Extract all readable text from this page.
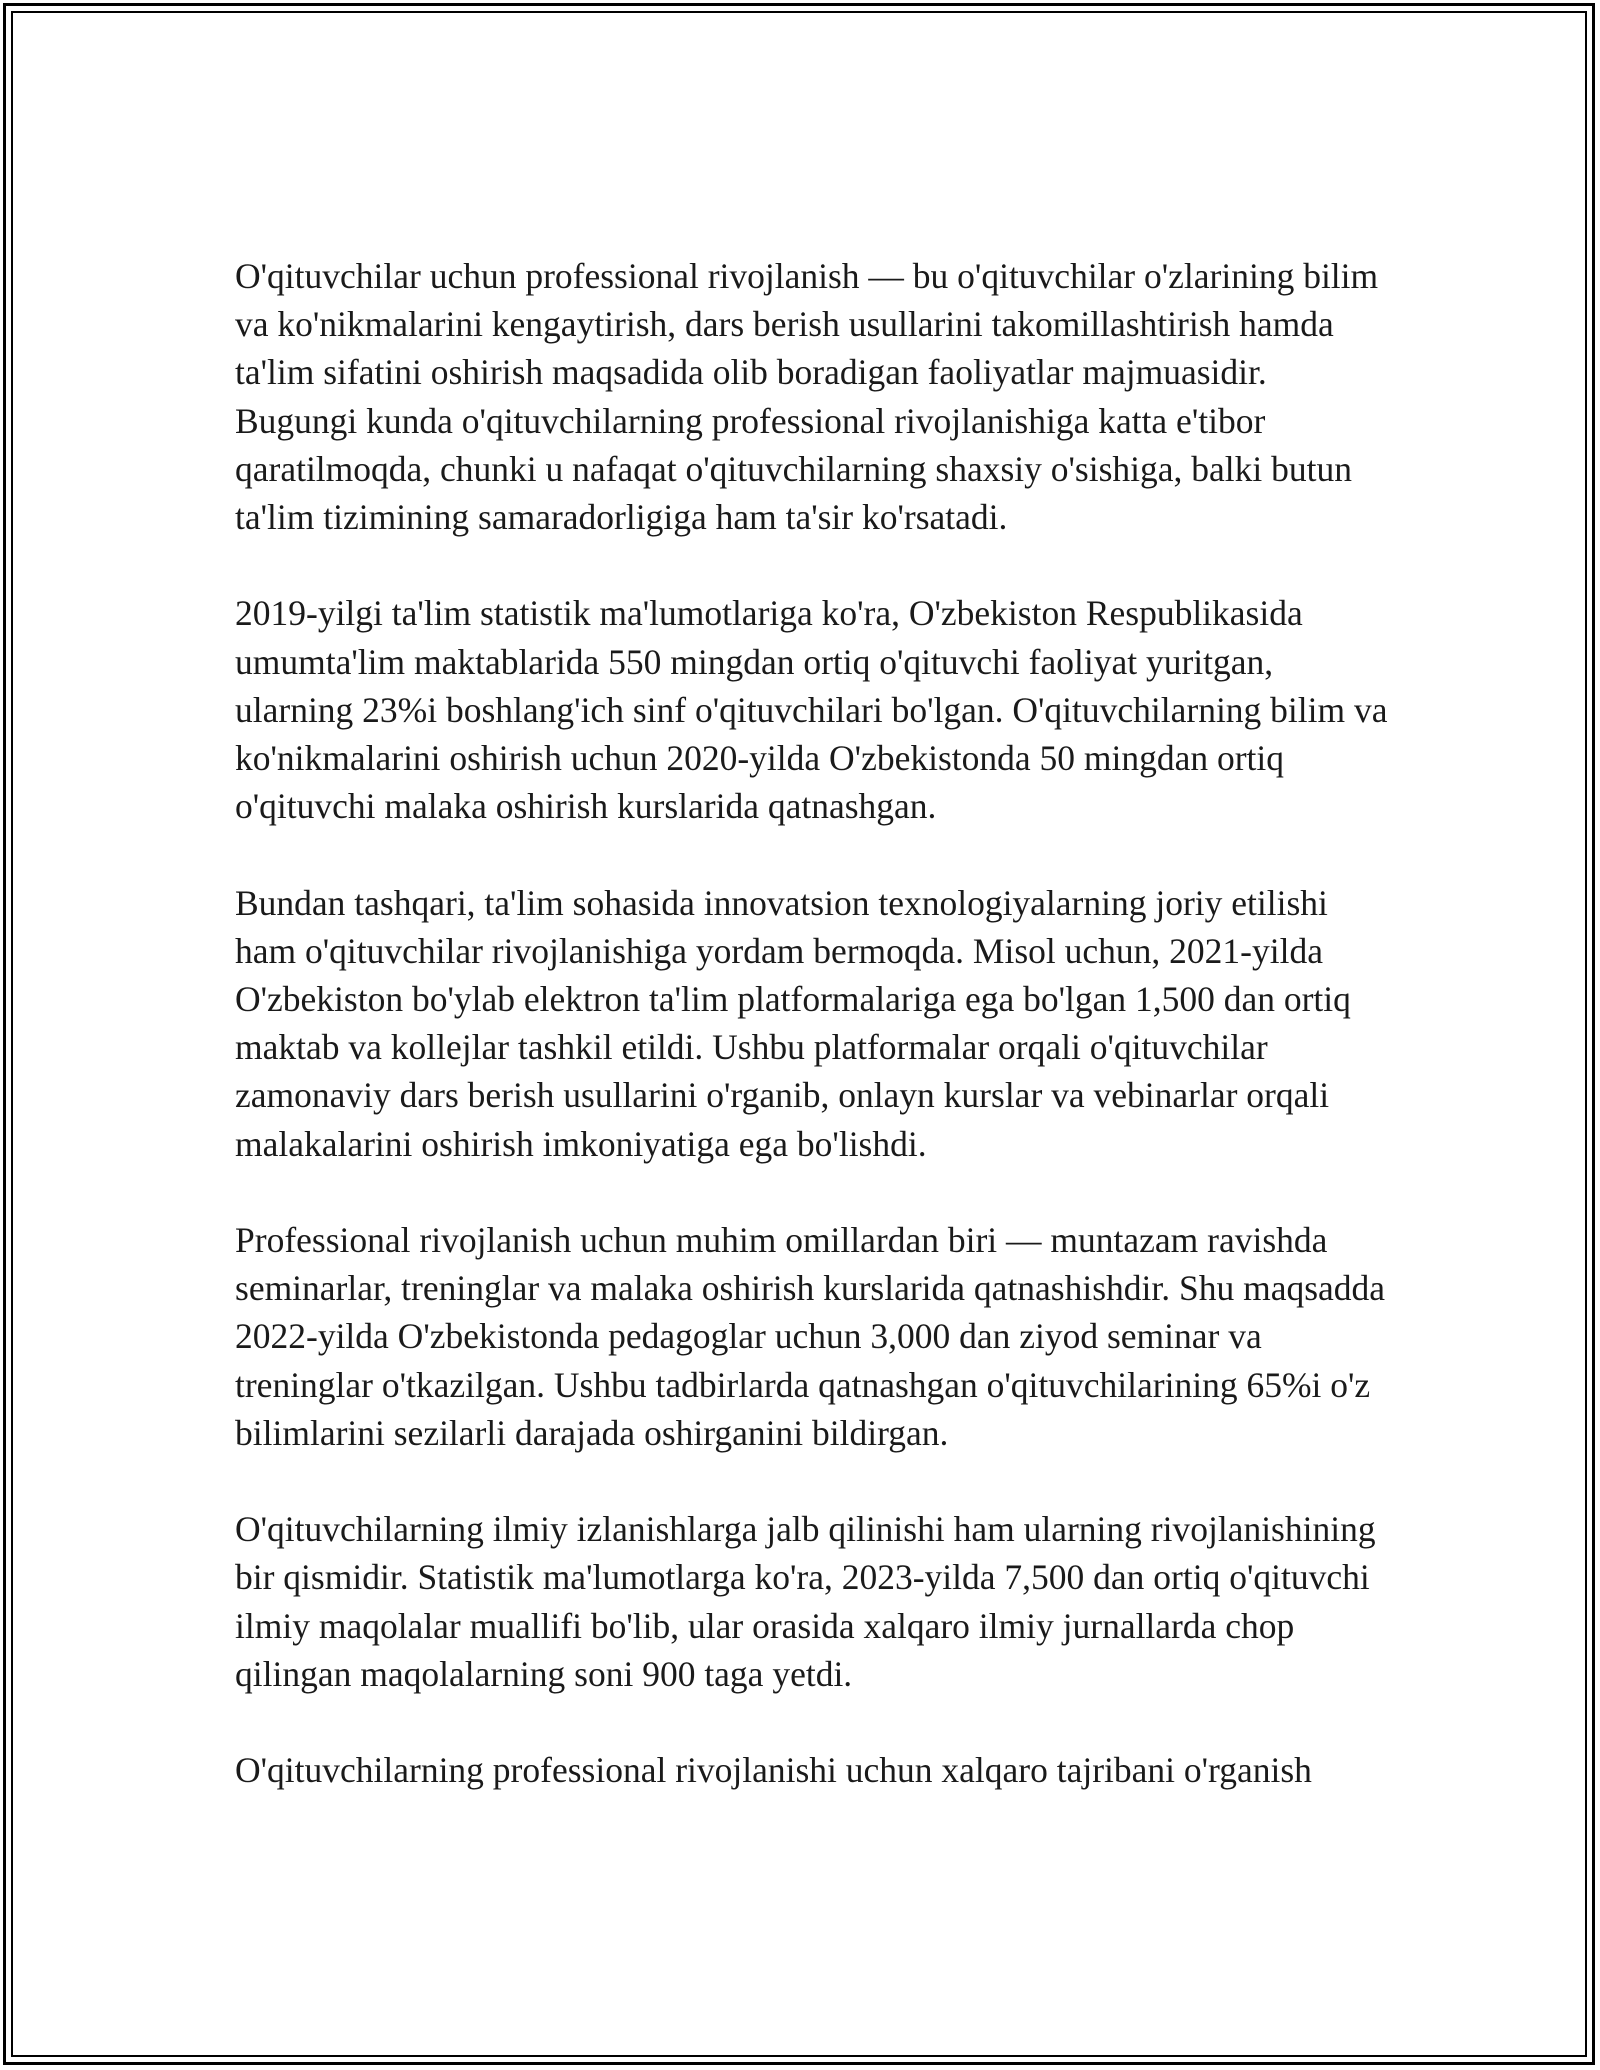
O'qituvchilar uchun professional rivojlanish — bu o'qituvchilar o'zlarining bilim va ko'nikmalarini kengaytirish, dars berish usullarini takomillashtirish hamda ta'lim sifatini oshirish maqsadida olib boradigan faoliyatlar majmuasidir. Bugungi kunda o'qituvchilarning professional rivojlanishiga katta e'tibor qaratilmoqda, chunki u nafaqat o'qituvchilarning shaxsiy o'sishiga, balki butun ta'lim tizimining samaradorligiga ham ta'sir ko'rsatadi.

2019-yilgi ta'lim statistik ma'lumotlariga ko'ra, O'zbekiston Respublikasida umumta'lim maktablarida 550 mingdan ortiq o'qituvchi faoliyat yuritgan, ularning 23%i boshlang'ich sinf o'qituvchilari bo'lgan. O'qituvchilarning bilim va ko'nikmalarini oshirish uchun 2020-yilda O'zbekistonda 50 mingdan ortiq o'qituvchi malaka oshirish kurslarida qatnashgan.

Bundan tashqari, ta'lim sohasida innovatsion texnologiyalarning joriy etilishi ham o'qituvchilar rivojlanishiga yordam bermoqda. Misol uchun, 2021-yilda O'zbekiston bo'ylab elektron ta'lim platformalariga ega bo'lgan 1,500 dan ortiq maktab va kollejlar tashkil etildi. Ushbu platformalar orqali o'qituvchilar zamonaviy dars berish usullarini o'rganib, onlayn kurslar va vebinarlar orqali malakalarini oshirish imkoniyatiga ega bo'lishdi.

Professional rivojlanish uchun muhim omillardan biri — muntazam ravishda seminarlar, treninglar va malaka oshirish kurslarida qatnashishdir. Shu maqsadda 2022-yilda O'zbekistonda pedagoglar uchun 3,000 dan ziyod seminar va treninglar o'tkazilgan. Ushbu tadbirlarda qatnashgan o'qituvchilarining 65%i o'z bilimlarini sezilarli darajada oshirganini bildirgan.

O'qituvchilarning ilmiy izlanishlarga jalb qilinishi ham ularning rivojlanishining bir qismidir. Statistik ma'lumotlarga ko'ra, 2023-yilda 7,500 dan ortiq o'qituvchi ilmiy maqolalar muallifi bo'lib, ular orasida xalqaro ilmiy jurnallarda chop qilingan maqolalarning soni 900 taga yetdi.

O'qituvchilarning professional rivojlanishi uchun xalqaro tajribani o'rganish
